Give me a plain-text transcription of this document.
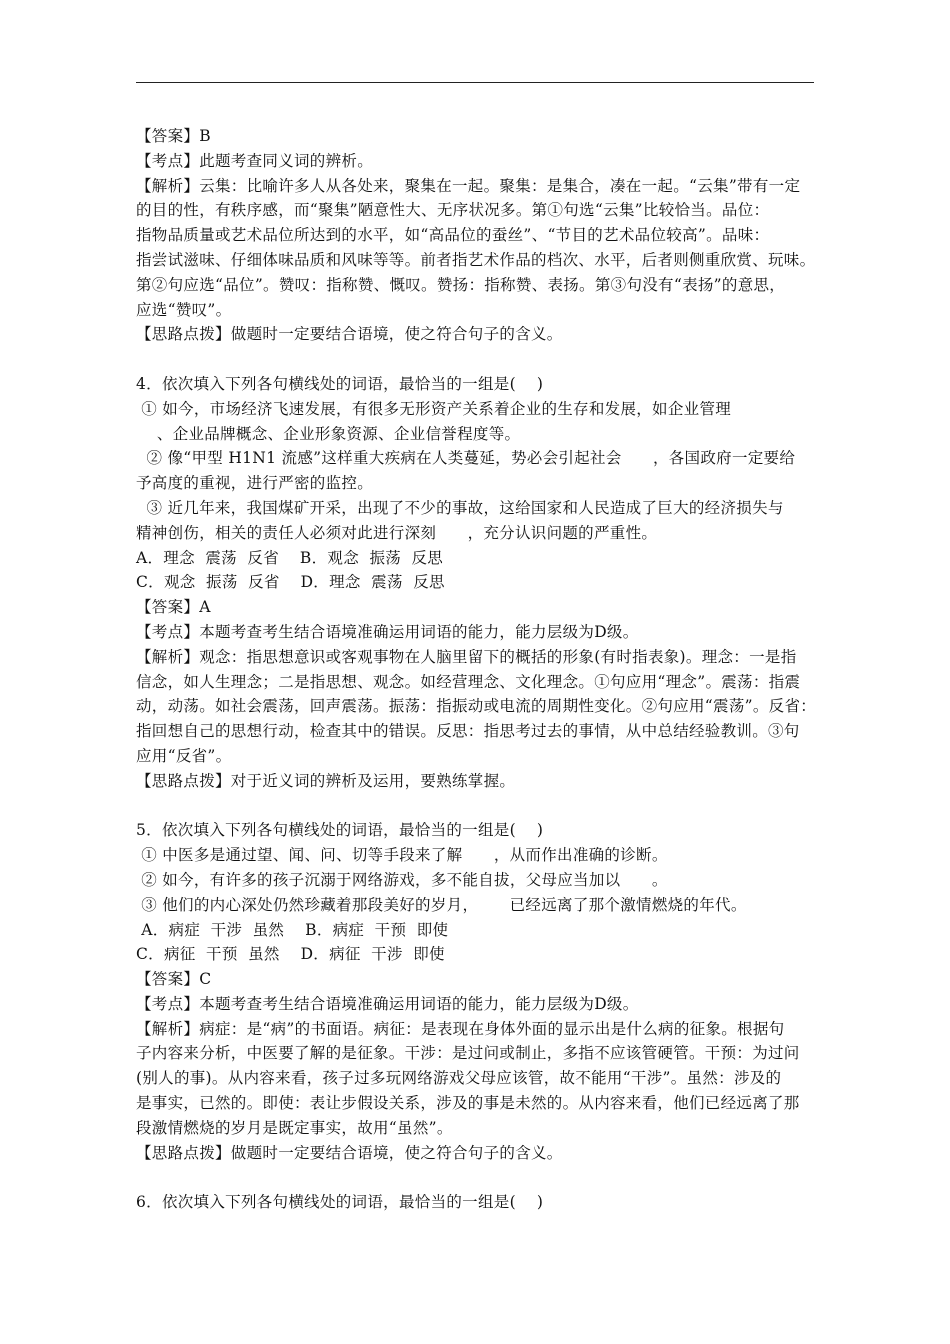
【答案】B
【考点】此题考查同义词的辨析。
【解析】云集：比喻许多人从各处来，聚集在一起。聚集：是集合，凑在一起。“云集”带有一定
的目的性，有秩序感，而“聚集”陋意性大、无序状况多。第①句选“云集”比较恰当。品位：
指物品质量或艺术品位所达到的水平，如“高品位的蚕丝”、“节目的艺术品位较高”。品味：
指尝试滋味、仔细体味品质和风味等等。前者指艺术作品的档次、水平，后者则侧重欣赏、玩味。
第②句应选“品位”。赞叹：指称赞、慨叹。赞扬：指称赞、表扬。第③句没有“表扬”的意思，
应选“赞叹”。
【思路点拨】做题时一定要结合语境，使之符合句子的含义。
4．依次填入下列各句横线处的词语，最恰当的一组是(    )
① 如今，市场经济飞速发展，有很多无形资产关系着企业的生存和发展，如企业管理
、企业品牌概念、企业形象资源、企业信誉程度等。
② 像“甲型 H1N1 流感”这样重大疾病在人类蔓延，势必会引起社会      ，各国政府一定要给
予高度的重视，进行严密的监控。
③ 近几年来，我国煤矿开采，出现了不少的事故，这给国家和人民造成了巨大的经济损失与
精神创伤，相关的责任人必须对此进行深刻      ，充分认识问题的严重性。
A．理念  震荡  反省    B．观念  振荡  反思
C．观念  振荡  反省    D．理念  震荡  反思
【答案】A
【考点】本题考查考生结合语境准确运用词语的能力，能力层级为D级。
【解析】观念：指思想意识或客观事物在人脑里留下的概括的形象(有时指表象)。理念：一是指
信念，如人生理念；二是指思想、观念。如经营理念、文化理念。①句应用“理念”。震荡：指震
动，动荡。如社会震荡，回声震荡。振荡：指振动或电流的周期性变化。②句应用“震荡”。反省：
指回想自己的思想行动，检查其中的错误。反思：指思考过去的事情，从中总结经验教训。③句
应用“反省”。
【思路点拨】对于近义词的辨析及运用，要熟练掌握。
5．依次填入下列各句横线处的词语，最恰当的一组是(    )
① 中医多是通过望、闻、问、切等手段来了解      ，从而作出准确的诊断。
② 如今，有许多的孩子沉溺于网络游戏，多不能自拔，父母应当加以      。
③ 他们的内心深处仍然珍藏着那段美好的岁月，      已经远离了那个激情燃烧的年代。
A．病症  干涉  虽然    B．病症  干预  即使
C．病征  干预  虽然    D．病征  干涉  即使
【答案】C
【考点】本题考查考生结合语境准确运用词语的能力，能力层级为D级。
【解析】病症：是“病”的书面语。病征：是表现在身体外面的显示出是什么病的征象。根据句
子内容来分析，中医要了解的是征象。干涉：是过问或制止，多指不应该管硬管。干预：为过问
(别人的事)。从内容来看，孩子过多玩网络游戏父母应该管，故不能用“干涉”。虽然：涉及的
是事实，已然的。即使：表让步假设关系，涉及的事是未然的。从内容来看，他们已经远离了那
段激情燃烧的岁月是既定事实，故用“虽然”。
【思路点拨】做题时一定要结合语境，使之符合句子的含义。
6．依次填入下列各句横线处的词语，最恰当的一组是(    )
